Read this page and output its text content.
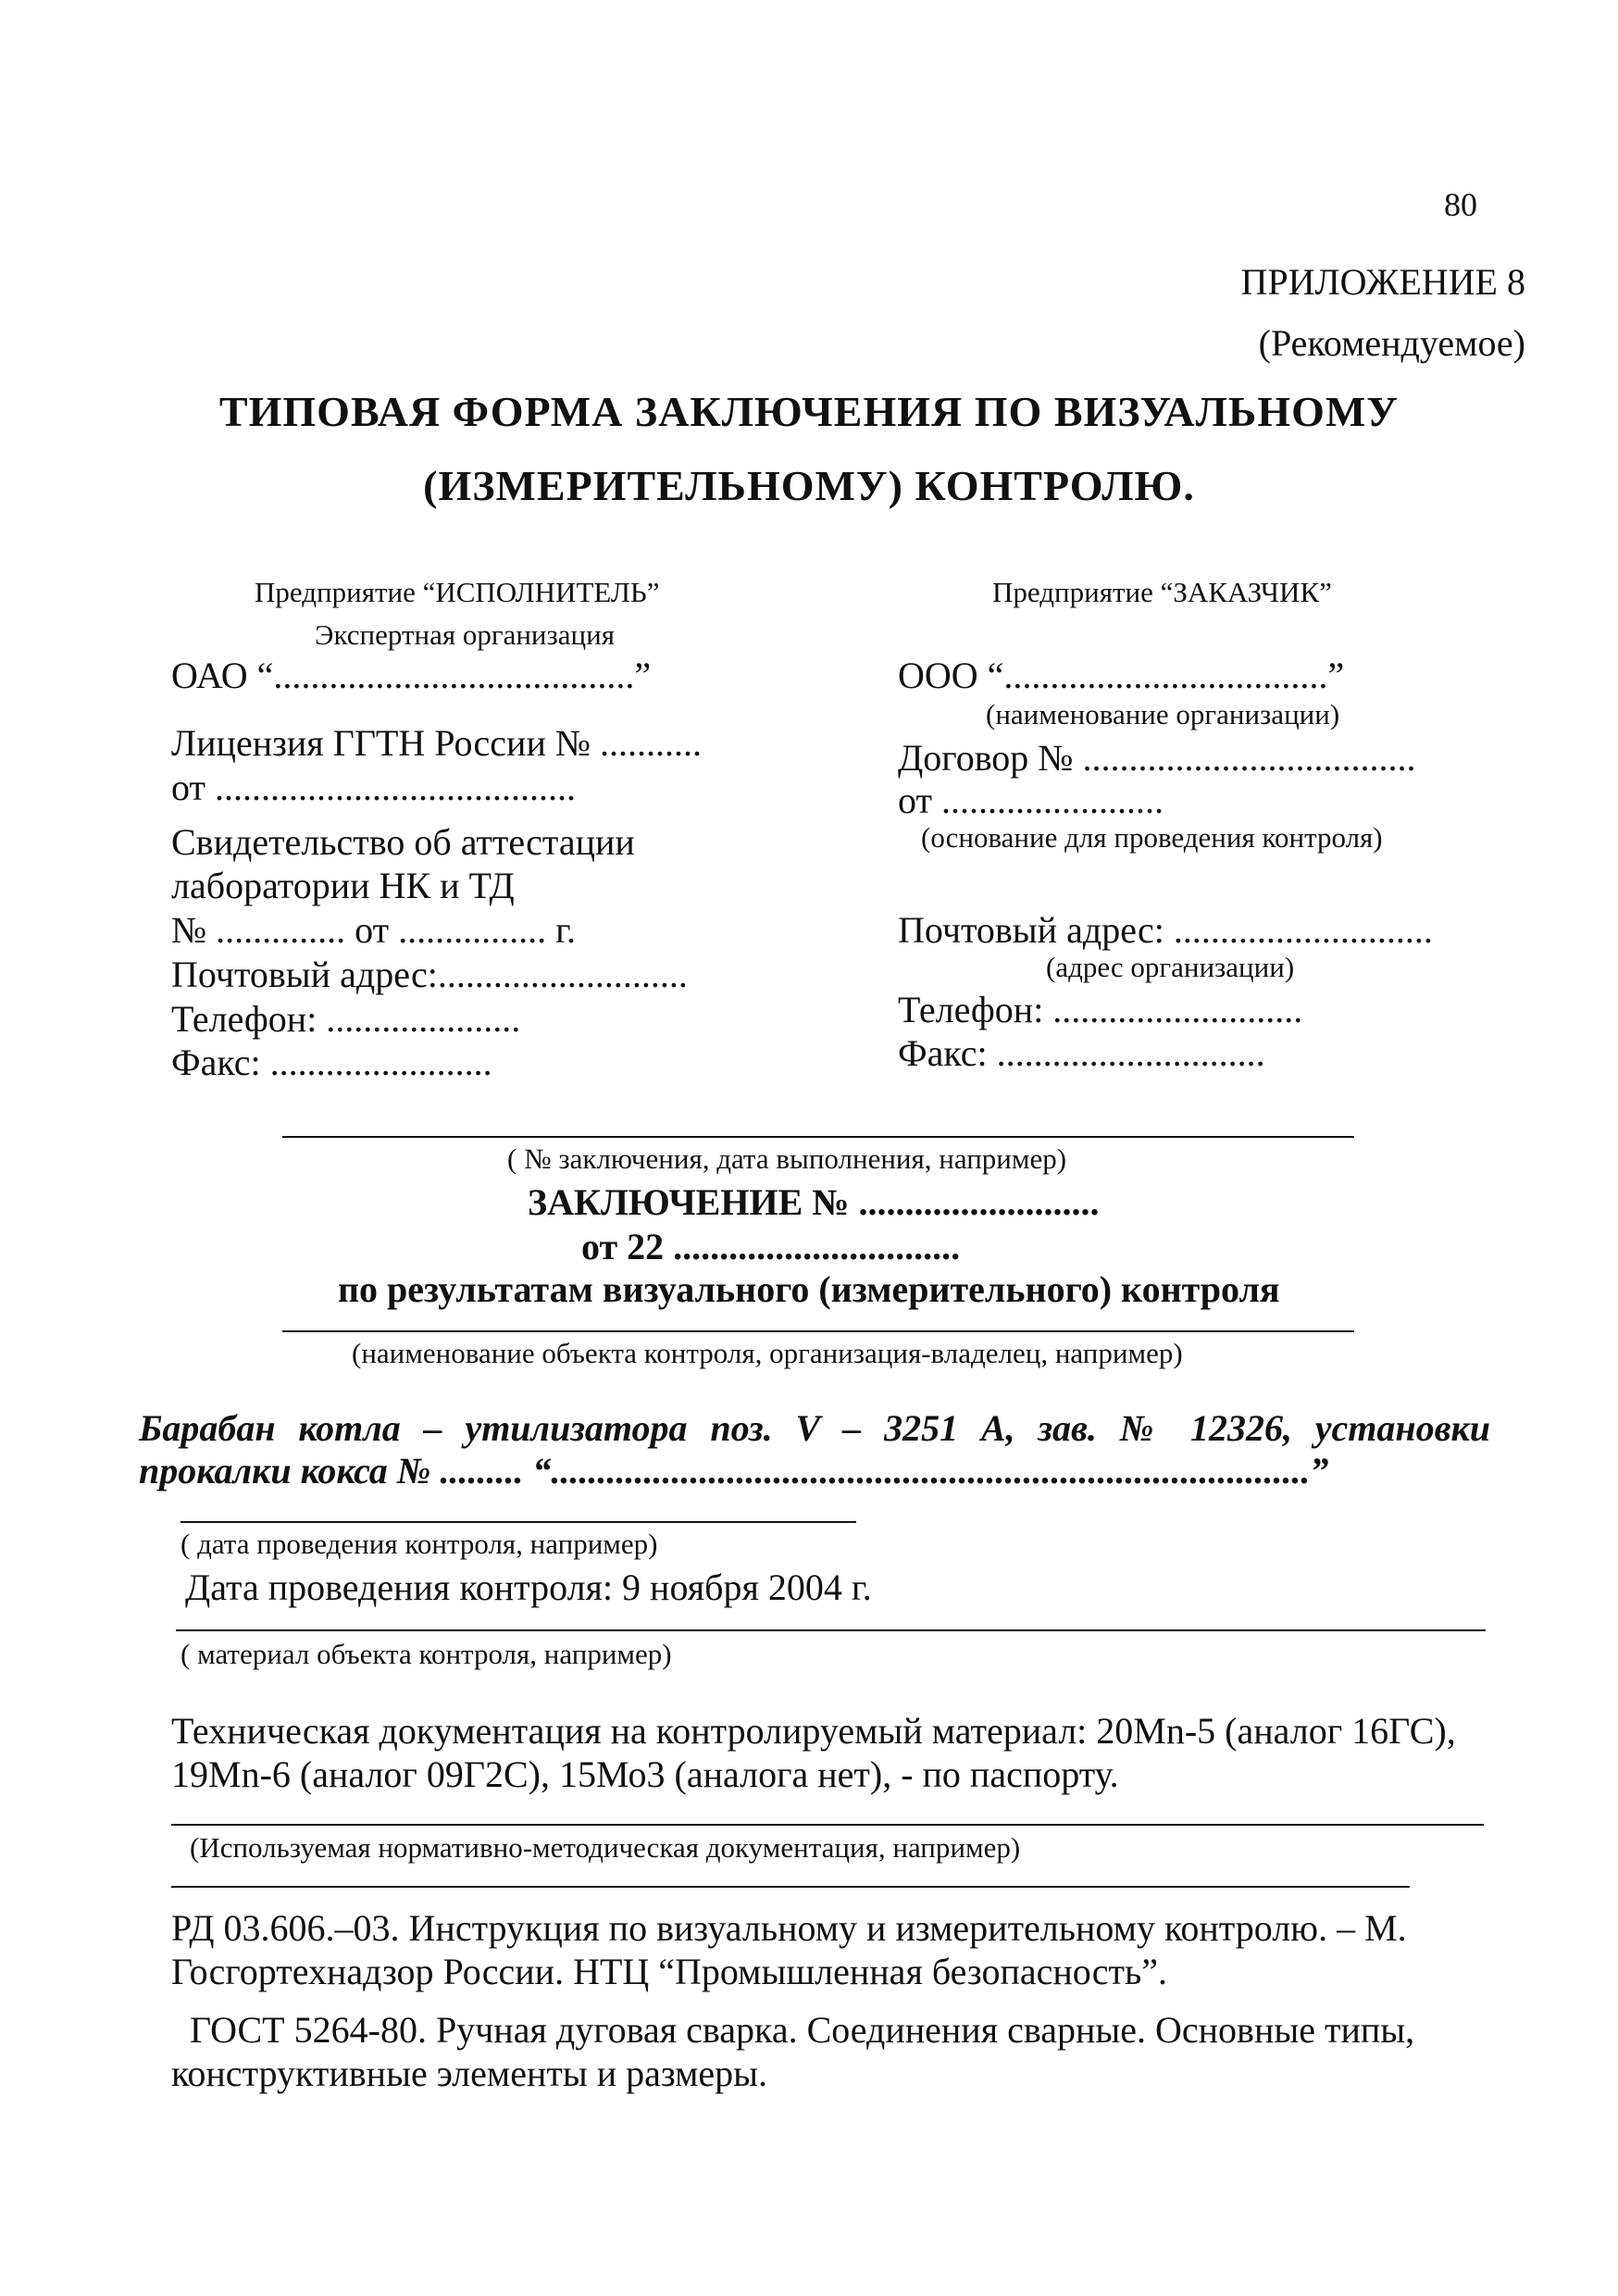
80
ПРИЛОЖЕНИЕ 8
(Рекомендуемое)
ТИПОВАЯ ФОРМА ЗАКЛЮЧЕНИЯ ПО ВИЗУАЛЬНОМУ
(ИЗМЕРИТЕЛЬНОМУ) КОНТРОЛЮ.
Предприятие “ИСПОЛНИТЕЛЬ”
Экспертная организация
ОАО “.......................................”
Лицензия ГГТН России № ...........
от .......................................
Свидетельство об аттестации
лаборатории НК и ТД
№ .............. от ................ г.
Почтовый адрес:...........................
Телефон: .....................
Факс: ........................
Предприятие “ЗАКАЗЧИК”
ООО “...................................”
(наименование организации)
Договор № ....................................
от ........................
(основание для проведения контроля)
Почтовый адрес: ............................
(адрес организации)
Телефон: ...........................
Факс: .............................
( № заключения, дата выполнения, например)
ЗАКЛЮЧЕНИЕ № ..........................
от 22 ...............................
по результатам визуального (измерительного) контроля
(наименование объекта контроля, организация-владелец, например)
Барабан котла – утилизатора поз. V – 3251 А, зав. № 12326, установки
прокалки кокса № ......... “..................................................................................”
( дата проведения контроля, например)
Дата проведения контроля: 9 ноября 2004 г.
( материал объекта контроля, например)
Техническая документация на контролируемый материал: 20Mn-5 (аналог 16ГС),
19Mn-6 (аналог 09Г2С), 15Мо3 (аналога нет), - по паспорту.
(Используемая нормативно-методическая документация, например)
РД 03.606.–03. Инструкция по визуальному и измерительному контролю. – М.
Госгортехнадзор России. НТЦ “Промышленная безопасность”.
ГОСТ 5264-80. Ручная дуговая сварка. Соединения сварные. Основные типы,
конструктивные элементы и размеры.
